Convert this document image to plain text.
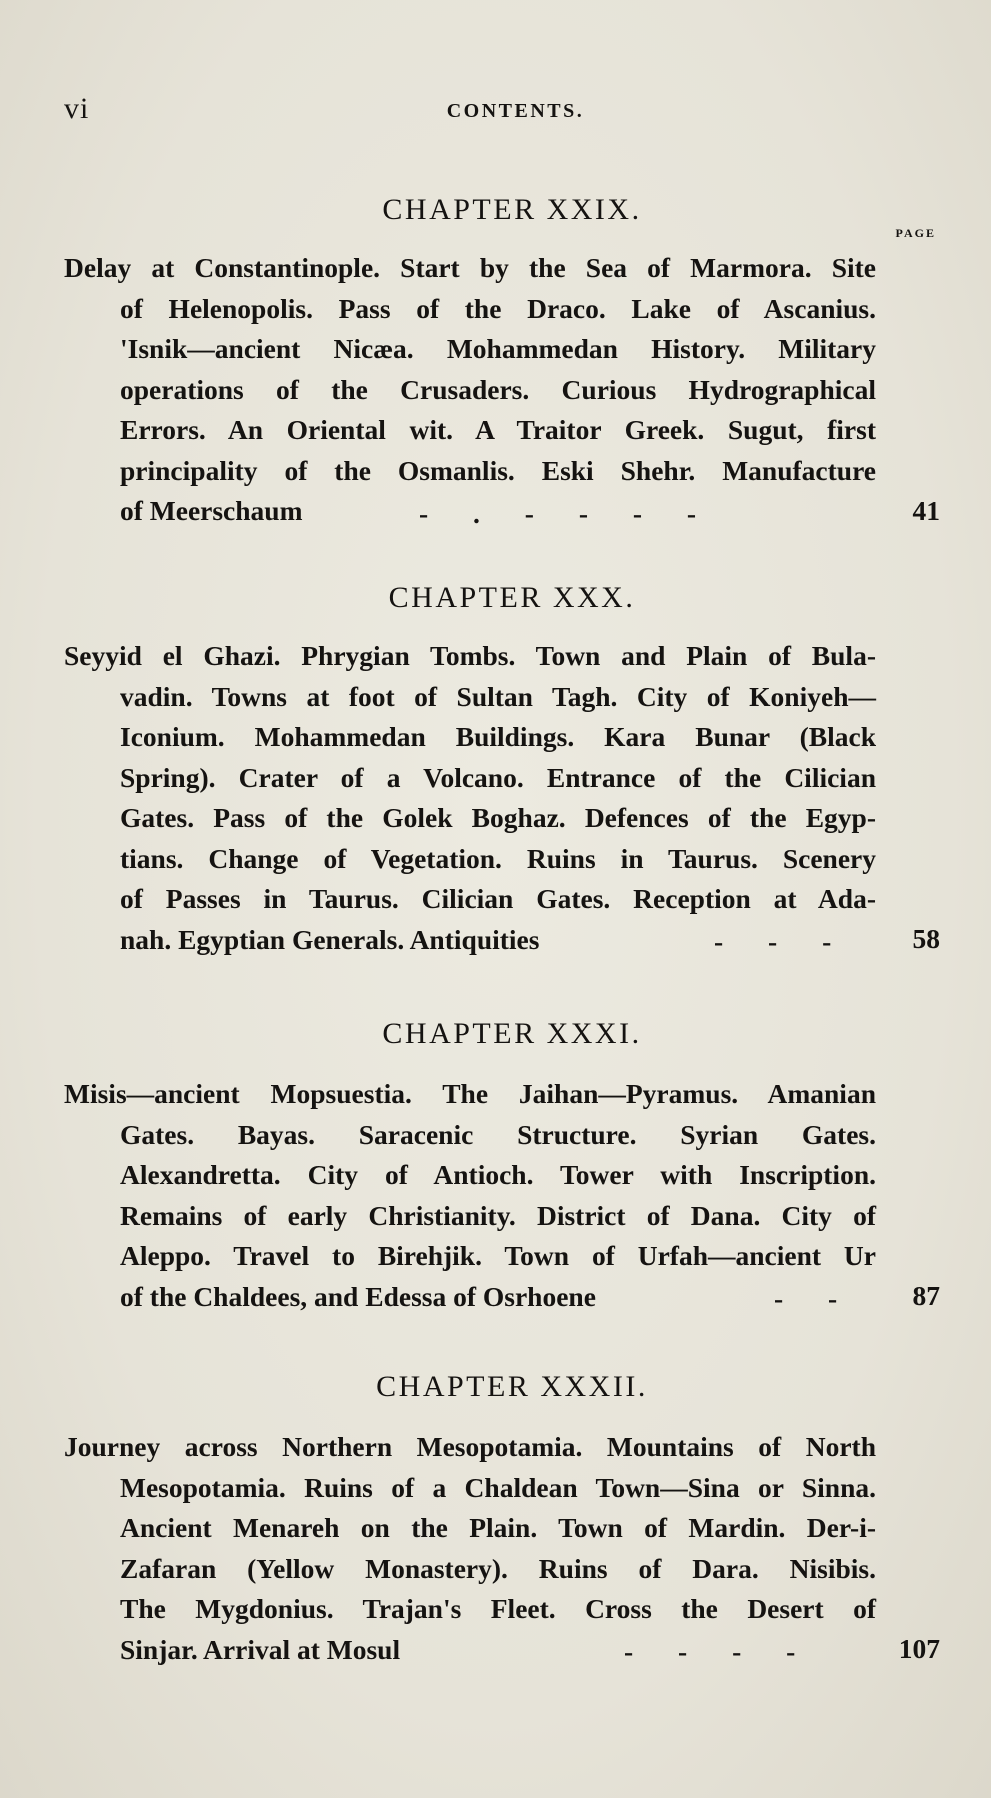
vi	CONTENTS.
CHAPTER XXIX.
PAGE
Delay at Constantinople. Start by the Sea of Marmora. Site
of Helenopolis. Pass of the Draco. Lake of Ascanius.
'Isnik—ancient Nicæa. Mohammedan History. Military
operations of the Crusaders. Curious Hydrographical
Errors. An Oriental wit. A Traitor Greek. Sugut, first
principality of the Osmanlis. Eski Shehr. Manufacture
of Meerschaum	- . - - - -	41
CHAPTER XXX.
Seyyid el Ghazi. Phrygian Tombs. Town and Plain of Bula-
vadin. Towns at foot of Sultan Tagh. City of Koniyeh—
Iconium. Mohammedan Buildings. Kara Bunar (Black
Spring). Crater of a Volcano. Entrance of the Cilician
Gates. Pass of the Golek Boghaz. Defences of the Egyp-
tians. Change of Vegetation. Ruins in Taurus. Scenery
of Passes in Taurus. Cilician Gates. Reception at Ada-
nah. Egyptian Generals. Antiquities	- - -	58
CHAPTER XXXI.
Misis—ancient Mopsuestia. The Jaihan—Pyramus. Amanian
Gates. Bayas. Saracenic Structure. Syrian Gates.
Alexandretta. City of Antioch. Tower with Inscription.
Remains of early Christianity. District of Dana. City of
Aleppo. Travel to Birehjik. Town of Urfah—ancient Ur
of the Chaldees, and Edessa of Osrhoene	- -	87
CHAPTER XXXII.
Journey across Northern Mesopotamia. Mountains of North
Mesopotamia. Ruins of a Chaldean Town—Sina or Sinna.
Ancient Menareh on the Plain. Town of Mardin. Der-i-
Zafaran (Yellow Monastery). Ruins of Dara. Nisibis.
The Mygdonius. Trajan's Fleet. Cross the Desert of
Sinjar. Arrival at Mosul	- - - -	107
